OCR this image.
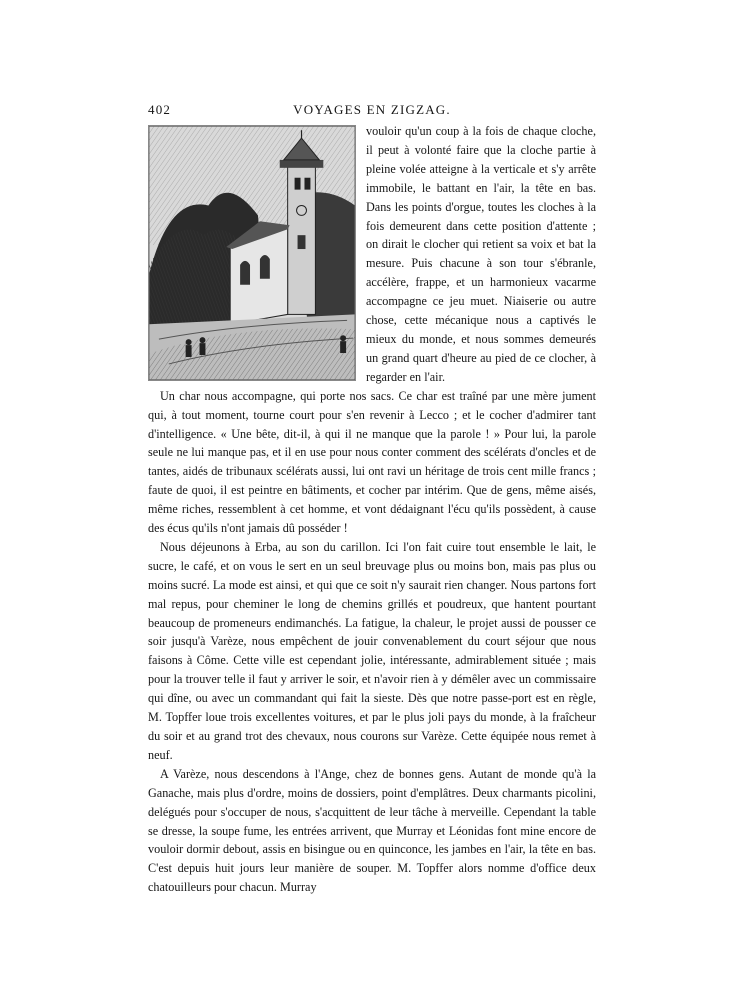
402	VOYAGES EN ZIGZAG.

vouloir qu'un coup à la fois de chaque cloche, il peut à volonté faire que la cloche partie à pleine volée atteigne à la verticale et s'y arrête immobile, le battant en l'air, la tête en bas. Dans les points d'orgue, toutes les cloches à la fois demeurent dans cette position d'attente ; on dirait le clocher qui retient sa voix et bat la mesure. Puis chacune à son tour s'ébranle, accélère, frappe, et un harmonieux vacarme accompagne ce jeu muet. Niaiserie ou autre chose, cette mécanique nous a captivés le mieux du monde, et nous sommes demeurés un grand quart d'heure au pied de ce clocher, à regarder en l'air.

Un char nous accompagne, qui porte nos sacs. Ce char est traîné par une mère jument qui, à tout moment, tourne court pour s'en revenir à Lecco ; et le cocher d'admirer tant d'intelligence. « Une bête, dit-il, à qui il ne manque que la parole ! » Pour lui, la parole seule ne lui manque pas, et il en use pour nous conter comment des scélérats d'oncles et de tantes, aidés de tribunaux scélérats aussi, lui ont ravi un héritage de trois cent mille francs ; faute de quoi, il est peintre en bâtiments, et cocher par intérim. Que de gens, même aisés, même riches, ressemblent à cet homme, et vont dédaignant l'écu qu'ils possèdent, à cause des écus qu'ils n'ont jamais dû posséder !

Nous déjeunons à Erba, au son du carillon. Ici l'on fait cuire tout ensemble le lait, le sucre, le café, et on vous le sert en un seul breuvage plus ou moins bon, mais pas plus ou moins sucré. La mode est ainsi, et qui que ce soit n'y saurait rien changer. Nous partons fort mal repus, pour cheminer le long de chemins grillés et poudreux, que hantent pourtant beaucoup de promeneurs endimanchés. La fatigue, la chaleur, le projet aussi de pousser ce soir jusqu'à Varèze, nous empêchent de jouir convenablement du court séjour que nous faisons à Côme. Cette ville est cependant jolie, intéressante, admirablement située ; mais pour la trouver telle il faut y arriver le soir, et n'avoir rien à y démêler avec un commissaire qui dîne, ou avec un commandant qui fait la sieste. Dès que notre passe-port est en règle, M. Topffer loue trois excellentes voitures, et par le plus joli pays du monde, à la fraîcheur du soir et au grand trot des chevaux, nous courons sur Varèze. Cette équipée nous remet à neuf.

A Varèze, nous descendons à l'Ange, chez de bonnes gens. Autant de monde qu'à la Ganache, mais plus d'ordre, moins de dossiers, point d'emplâtres. Deux charmants picolini, delégués pour s'occuper de nous, s'acquittent de leur tâche à merveille. Cependant la table se dresse, la soupe fume, les entrées arrivent, que Murray et Léonidas font mine encore de vouloir dormir debout, assis en bisingue ou en quinconce, les jambes en l'air, la tête en bas. C'est depuis huit jours leur manière de souper. M. Topffer alors nomme d'office deux chatouilleurs pour chacun. Murray
